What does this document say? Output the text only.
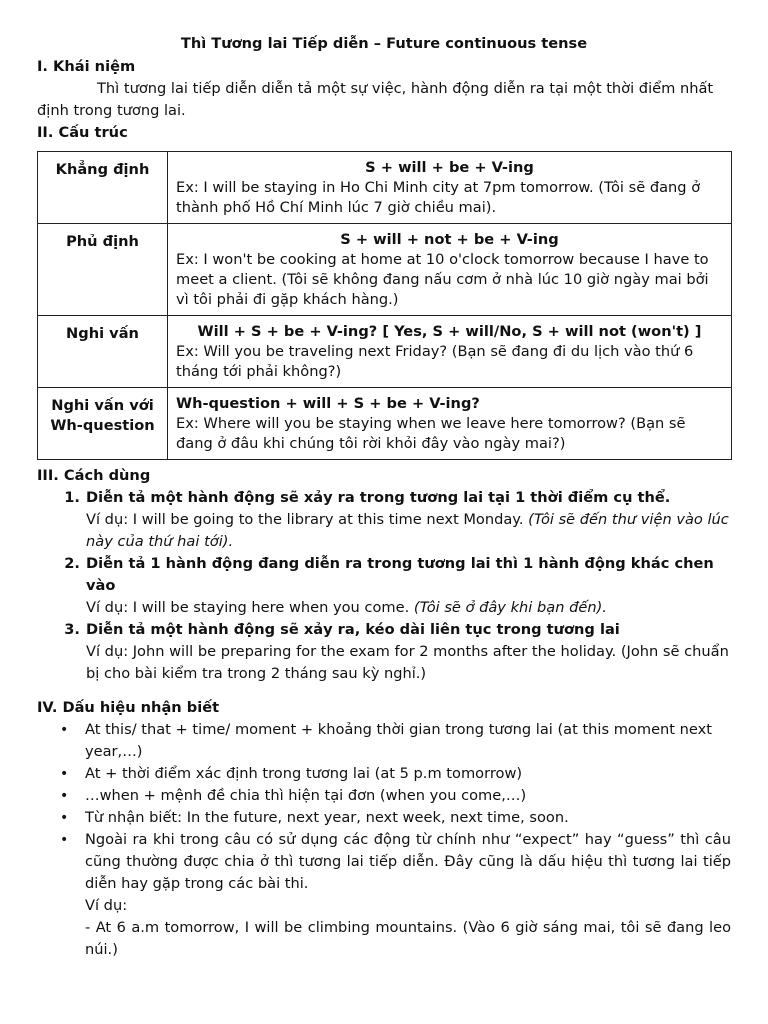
Thì Tương lai Tiếp diễn – Future continuous tense
I. Khái niệm

Thì tương lai tiếp diễn diễn tả một sự việc, hành động diễn ra tại một thời điểm nhất định trong tương lai.

II. Cấu trúc
Khẳng định	S + will + be + V-ing
Ex: I will be staying in Ho Chi Minh city at 7pm tomorrow. (Tôi sẽ đang ở thành phố Hồ Chí Minh lúc 7 giờ chiều mai).

Phủ định	S + will + not + be + V-ing
Ex: I won't be cooking at home at 10 o'clock tomorrow because I have to meet a client. (Tôi sẽ không đang nấu cơm ở nhà lúc 10 giờ ngày mai bởi vì tôi phải đi gặp khách hàng.)

Nghi vấn	Will + S + be + V-ing? [ Yes, S + will/No, S + will not (won't) ]
Ex: Will you be traveling next Friday? (Bạn sẽ đang đi du lịch vào thứ 6 tháng tới phải không?)

Nghi vấn với Wh-question	Wh-question + will + S + be + V-ing?
Ex: Where will you be staying when we leave here tomorrow? (Bạn sẽ đang ở đâu khi chúng tôi rời khỏi đây vào ngày mai?)
III. Cách dùng
1. Diễn tả một hành động sẽ xảy ra trong tương lai tại 1 thời điểm cụ thể.
Ví dụ: I will be going to the library at this time next Monday. (Tôi sẽ đến thư viện vào lúc này của thứ hai tới).
2. Diễn tả 1 hành động đang diễn ra trong tương lai thì 1 hành động khác chen vào
Ví dụ: I will be staying here when you come. (Tôi sẽ ở đây khi bạn đến).
3. Diễn tả một hành động sẽ xảy ra, kéo dài liên tục trong tương lai
Ví dụ: John will be preparing for the exam for 2 months after the holiday. (John sẽ chuẩn bị cho bài kiểm tra trong 2 tháng sau kỳ nghỉ.)
IV. Dấu hiệu nhận biết
• At this/ that + time/ moment + khoảng thời gian trong tương lai (at this moment next year,…)
• At + thời điểm xác định trong tương lai (at 5 p.m tomorrow)
• …when + mệnh đề chia thì hiện tại đơn (when you come,…)
• Từ nhận biết: In the future, next year, next week, next time, soon.
• Ngoài ra khi trong câu có sử dụng các động từ chính như “expect” hay “guess” thì câu cũng thường được chia ở thì tương lai tiếp diễn. Đây cũng là dấu hiệu thì tương lai tiếp diễn hay gặp trong các bài thi.
Ví dụ:
- At 6 a.m tomorrow, I will be climbing mountains. (Vào 6 giờ sáng mai, tôi sẽ đang leo núi.)
